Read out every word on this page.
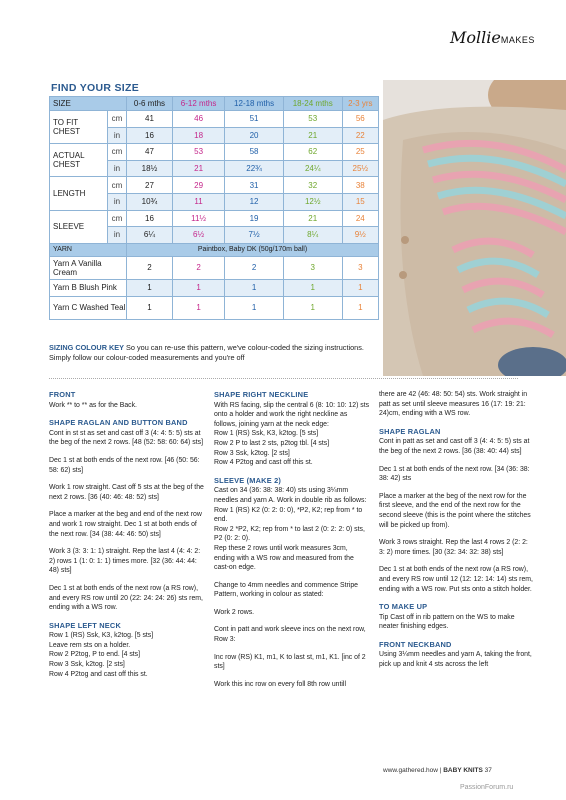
MollieMAKES
FIND YOUR SIZE
SIZE		0-6 mths	6-12 mths	12-18 mths	18-24 mths	2-3 yrs
TO FIT CHEST	cm	41	46	51	53	56
	in	16	18	20	21	22
ACTUAL CHEST	cm	47	53	58	62	25
	in	18½	21	22¾	24¼	25½
LENGTH	cm	27	29	31	32	38
	in	10¾	11	12	12½	15
SLEEVE	cm	16	11½	19	21	24
	in	6¼	6½	7½	8¼	9½
YARN		Paintbox, Baby DK (50g/170m ball)				
Yarn A Vanilla Cream		2	2	2	3	3
Yarn B Blush Pink		1	1	1	1	1
Yarn C Washed Teal		1	1	1	1	1
SIZING COLOUR KEY So you can re-use this pattern, we've colour-coded the sizing instructions. Simply follow our colour-coded measurements and you're off
FRONT

Work ** to ** as for the Back.

SHAPE RAGLAN AND BUTTON BAND

Cont in st st as set and cast off 3 (4: 4: 5: 5) sts at the beg of the next 2 rows. [48 (52: 58: 60: 64) sts]

Dec 1 st at both ends of the next row. [46 (50: 56: 58: 62) sts]

Work 1 row straight. Cast off 5 sts at the beg of the next 2 rows. [36 (40: 46: 48: 52) sts]

Place a marker at the beg and end of the next row and work 1 row straight. Dec 1 st at both ends of the next row. [34 (38: 44: 46: 50) sts]

Work 3 (3: 3: 1: 1) straight. Rep the last 4 (4: 4: 2: 2) rows 1 (1: 0: 1: 1) times more. [32 (36: 44: 44: 48) sts]

Dec 1 st at both ends of the next row (a RS row), and every RS row until 20 (22: 24: 24: 26) sts rem, ending with a WS row.

SHAPE LEFT NECK

Row 1 (RS) Ssk, K3, k2tog. [5 sts]

Leave rem sts on a holder.

Row 2 P2tog, P to end. [4 sts]

Row 3 Ssk, k2tog. [2 sts]

Row 4 P2tog and cast off this st.

SHAPE RIGHT NECKLINE

With RS facing, slip the central 6 (8: 10: 10: 12) sts onto a holder and work the right neckline as follows, joining yarn at the neck edge:

Row 1 (RS) Ssk, K3, k2tog. [5 sts]

Row 2 P to last 2 sts, p2tog tbl. [4 sts]

Row 3 Ssk, k2tog. [2 sts]

Row 4 P2tog and cast off this st.

SLEEVE (MAKE 2)

Cast on 34 (36: 38: 38: 40) sts using 3¼mm needles and yarn A. Work in double rib as follows:

Row 1 (RS) K2 (0: 2: 0: 0), *P2, K2; rep from * to end.

Row 2 *P2, K2; rep from * to last 2 (0: 2: 2: 0) sts, P2 (0: 2: 0).

Rep these 2 rows until work measures 3cm, ending with a WS row and measured from the cast-on edge.

Change to 4mm needles and commence Stripe Pattern, working in colour as stated:

Work 2 rows.

Cont in patt and work sleeve incs on the next row, Row 3:

Inc row (RS) K1, m1, K to last st, m1, K1. [inc of 2 sts]

Work this inc row on every foll 8th row untill

there are 42 (46: 48: 50: 54) sts. Work straight in patt as set until sleeve measures 16 (17: 19: 21: 24)cm, ending with a WS row.

SHAPE RAGLAN

Cont in patt as set and cast off 3 (4: 4: 5: 5) sts at the beg of the next 2 rows. [36 (38: 40: 44) sts]

Dec 1 st at both ends of the next row. [34 (36: 38: 38: 42) sts

Place a marker at the beg of the next row for the first sleeve, and the end of the next row for the second sleeve (this is the point where the stitches will be picked up from).

Work 3 rows straight. Rep the last 4 rows 2 (2: 2: 3: 2) more times. [30 (32: 34: 32: 38) sts]

Dec 1 st at both ends of the next row (a RS row), and every RS row until 12 (12: 12: 14: 14) sts rem, ending with a WS row. Put sts onto a stitch holder.

TO MAKE UP

Tip Cast off in rib pattern on the WS to make neater finishing edges.

FRONT NECKBAND

Using 3¼mm needles and yarn A, taking the front, pick up and knit 4 sts across the left

www.gathered.how | BABY KNITS 37
PassionForum.ru
